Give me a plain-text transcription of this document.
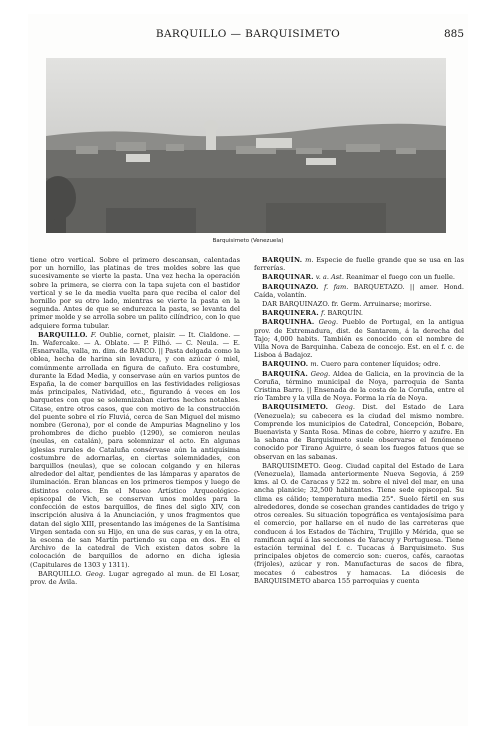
BARQUILLO — BARQUISIMETO	885
Barquisimeto (Venezuela)

tiene otro vertical. Sobre el primero descansan, calentadas por un hornillo, las platinas de tres moldes sobre las que sucesivamente se vierte la pasta. Una vez hecha la operación sobre la primera, se cierra con la tapa sujeta con el bastidor vertical y se le da media vuelta para que reciba el calor del hornillo por su otro lado, mientras se vierte la pasta en la segunda. Antes de que se endurezca la pasta, se levanta del primer molde y se arrolla sobre un palito cilíndrico, con lo que adquiere forma tubular.

BARQUILLO. F. Oublie, cornet, plaisir. — It. Cialdone. — In. Wafercake. — A. Oblate. — P. Filhó. — C. Neula. — E. (Esnarvalla, valla, m. dim. de BARCO. || Pasta delgada como la oblea, hecha de harina sin levadura, y con azúcar ó miel, comúnmente arrollada en figura de cañuto. Era costumbre, durante la Edad Media, y conservase aún en varios puntos de España, la de comer barquillos en las festividades religiosas más principales, Natividad, etc., figurando á veces en los barquetes con que se solemnizaban ciertos hechos notables. Citase, entre otros casos, que con motivo de la construcción del puente sobre el río Fluviá, cerca de San Miguel del mismo nombre (Gerona), por el conde de Ampurias Magnelino y los prohombres de dicho pueblo (1290), se comieron neulas (neulas, en catalán), para solemnizar el acto. En algunas iglesias rurales de Cataluña consérvase aún la antiquísima costumbre de adornarlas, en ciertas solemnidades, con barquillos (neulas), que se colocan colgando y en hileras alrededor del altar, pendientes de las lámparas y aparatos de iluminación. Eran blancas en los primeros tiempos y luego de distintos colores. En el Museo Artístico Arqueológico-episcopal de Vich, se conservan unos moldes para la confección de estos barquillos, de fines del siglo XIV, con inscripción alusiva á la Anunciación, y unos fragmentos que datan del siglo XIII, presentando las imágenes de la Santísima Virgen sentada con su Hijo, en una de sus caras, y en la otra, la escena de san Martín partiendo su capa en dos. En el Archivo de la catedral de Vich existen datos sobre la colocación de barquillos de adorno en dicha iglesia (Capitulares de 1303 y 1311).

BARQUILLO. Geog. Lugar agregado al mun. de El Losar, prov. de Ávila.

BARQUÍN. m. Especie de fuelle grande que se usa en las ferrerías.

BARQUINAR. v. a. Ast. Reanimar el fuego con un fuelle.

BARQUINAZO. f. fam. BARQUETAZO. || amer. Hond. Caída, volantín.

DAR BARQUINAZO. fr. Germ. Arruinarse; morirse.

BARQUINERA. f. BARQUÍN.

BARQUINHA. Geog. Pueblo de Portugal, en la antigua prov. de Extremadura, dist. de Santarem, á la derecha del Tajo; 4,000 habits. También es conocido con el nombre de Villa Nova de Barquinha. Cabeza de concejo. Est. en el f. c. de Lisboa á Badajoz.

BARQUINO. m. Cuero para contener líquidos; odre.

BARQUIÑA. Geog. Aldea de Galicia, en la provincia de la Coruña, término municipal de Noya, parroquia de Santa Cristina Barro. || Ensenada de la costa de la Coruña, entre el río Tambre y la villa de Noya. Forma la ría de Noya.

BARQUISIMETO. Geog. Dist. del Estado de Lara (Venezuela); su cabecera es la ciudad del mismo nombre. Comprende los municipios de Catedral, Concepción, Bobare, Buenavista y Santa Rosa. Minas de cobre, hierro y azufre. En la sabana de Barquisimeto suele observarse el fenómeno conocido por Tirano Aguirre, ó sean los fuegos fatuos que se observan en las sabanas.

BARQUISIMETO. Geog. Ciudad capital del Estado de Lara (Venezuela), llamada anteriormente Nueva Segovia, á 259 kms. al O. de Caracas y 522 m. sobre el nivel del mar, en una ancha planicie; 32,500 habitantes. Tiene sede episcopal. Su clima es cálido; temperatura media 25°. Suelo fértil en sus alrededores, donde se cosechan grandes cantidades de trigo y otros cereales. Su situación topográfica es ventajosísima para el comercio, por hallarse en el nudo de las carreteras que conducen á los Estados de Táchira, Trujillo y Mérida, que se ramifican aquí á las secciones de Yaracuy y Portuguesa. Tiene estación terminal del f. c. Tucacas á Barquisimeto. Sus principales objetos de comercio son: cueros, cafés, caraotas (frijoles), azúcar y ron. Manufacturas de sacos de fibra, mecates ó cabestros y hamacas. La diócesis de BARQUISIMETO abarca 155 parroquias y cuenta
